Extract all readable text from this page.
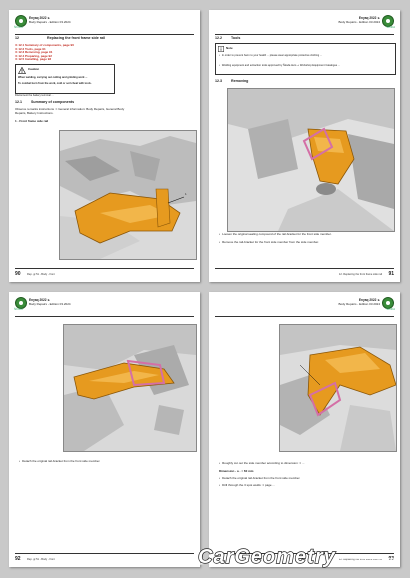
ŠKODA
Enyaq 2022 ➤
Body Repairs - Edition 03.2024
12	Replacing the front frame side rail
⇒ 12.1 Summary of components, page 90
⇒ 12.2 Tools, page 91
⇒ 12.3 Removing, page 91
⇒ 12.4 Preparing, page 92
⇒ 12.5 Installing, page 93
Caution
When welding, carrying out cutting and grinding work ...
To combat burn from the work, cold or soil cheat with tools.
Disconnect the battery terminal ...
12.1	Summary of components
Observe remarks instructions ⇒ General information: Body Repairs, General Body Repairs, Battery Instructions.
1 - Front frame side rail
1
90 Rep. gr.51 - Body - front
ŠKODA
Enyaq 2022 ➤
Body Repairs - Edition 03.2024
12.2	Tools
Note
• In order to prevent harm to your health ... please wear appropriate protective clothing ...
• Welding equipment and extraction tools approved by Škoda Auto ⇒ Workshop Equipment Catalogue ...
12.3	Removing
• Loosen the original sealing compound of the rail-bracket for the front side member.
• Remove the rail-bracket for the front side member from the side member.
91
12. Replacing the front frame side rail
ŠKODA
Enyaq 2022 ➤
Body Repairs - Edition 03.2024
• Detach the original rail-bracket from the front side member.
92 Rep. gr.51 - Body - front
ŠKODA
Enyaq 2022 ➤
Body Repairs - Edition 03.2024
• Roughly cut out the side member according to dimension ⇒ ...
Dimension - a - = 60 mm
• Detach the original rail-bracket from the front side member.
• Drill through the 3 spot welds ⇒ page ...
93
12. Replacing the front frame side rail
CarGeometry
